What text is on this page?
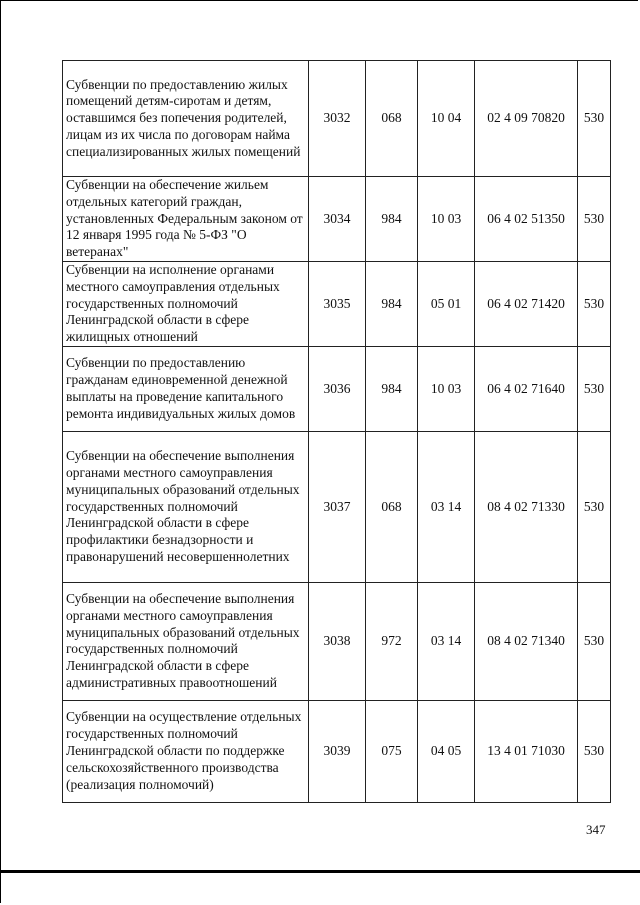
Субвенции по предоставлению жилых помещений детям-сиротам и детям, оставшимся без попечения родителей, лицам из их числа по договорам найма специализированных жилых помещений	3032	068	10 04	02 4 09 70820	530
Субвенции на обеспечение жильем отдельных категорий граждан, установленных Федеральным законом от 12 января 1995 года № 5-ФЗ "О ветеранах"	3034	984	10 03	06 4 02 51350	530
Субвенции на исполнение органами местного самоуправления отдельных государственных полномочий Ленинградской области в сфере жилищных отношений	3035	984	05 01	06 4 02 71420	530
Субвенции по предоставлению гражданам единовременной денежной выплаты на проведение капитального ремонта индивидуальных жилых домов	3036	984	10 03	06 4 02 71640	530
Субвенции на обеспечение выполнения органами местного самоуправления муниципальных образований отдельных государственных полномочий Ленинградской области в сфере профилактики безнадзорности и правонарушений несовершеннолетних	3037	068	03 14	08 4 02 71330	530
Субвенции на обеспечение выполнения органами местного самоуправления муниципальных образований отдельных государственных полномочий Ленинградской области в сфере административных правоотношений	3038	972	03 14	08 4 02 71340	530
Субвенции на осуществление отдельных государственных полномочий Ленинградской области по поддержке сельскохозяйственного производства (реализация полномочий)	3039	075	04 05	13 4 01 71030	530
347
